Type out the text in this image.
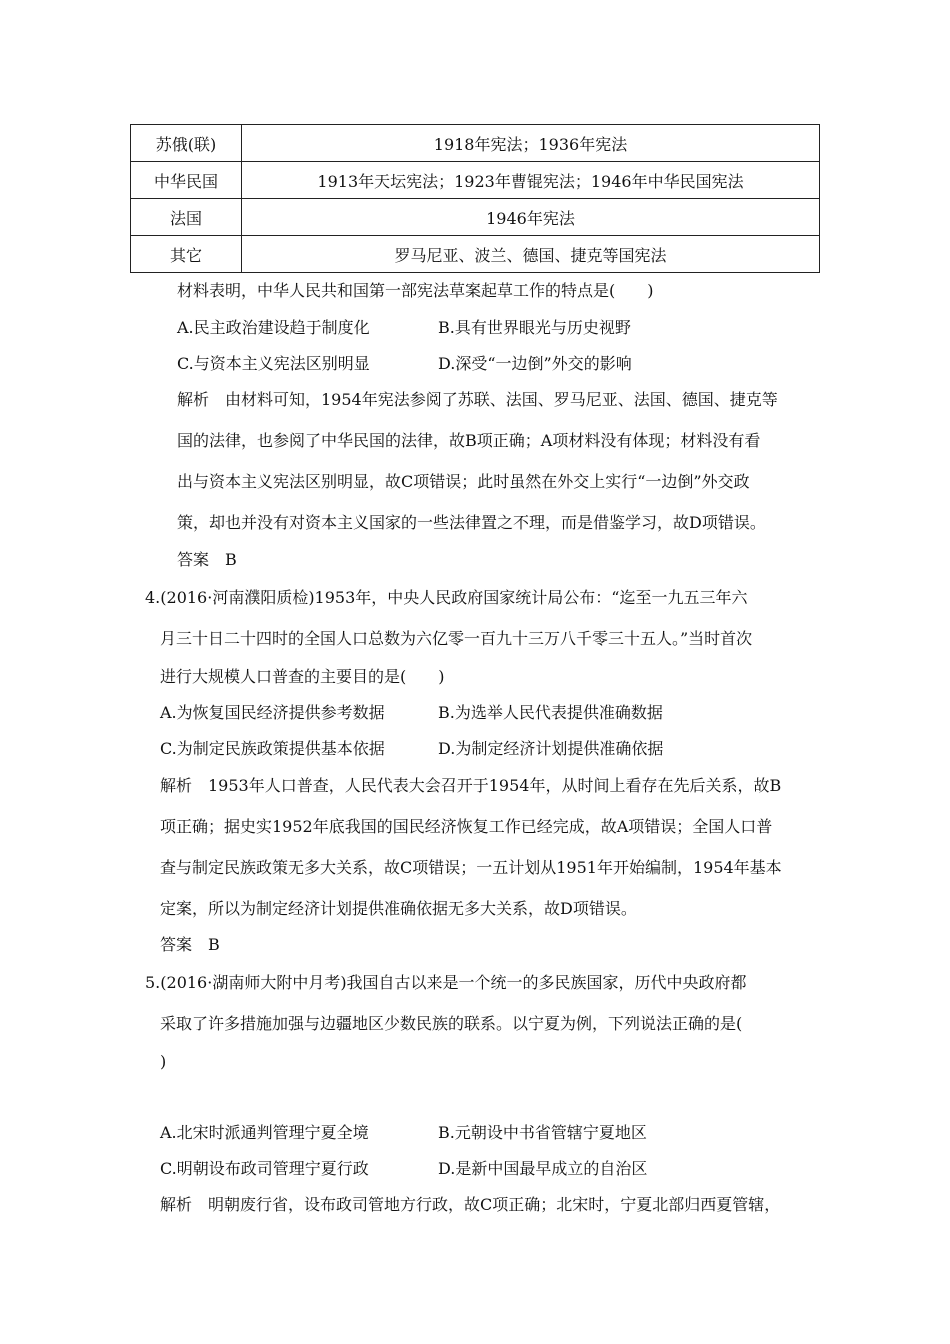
苏俄(联)	1918年宪法；1936年宪法
中华民国	1913年天坛宪法；1923年曹锟宪法；1946年中华民国宪法
法国	1946年宪法
其它	罗马尼亚、波兰、德国、捷克等国宪法
材料表明，中华人民共和国第一部宪法草案起草工作的特点是(　　)
A.民主政治建设趋于制度化	B.具有世界眼光与历史视野
C.与资本主义宪法区别明显	D.深受“一边倒”外交的影响
解析　由材料可知，1954年宪法参阅了苏联、法国、罗马尼亚、法国、德国、捷克等
国的法律，也参阅了中华民国的法律，故B项正确；A项材料没有体现；材料没有看
出与资本主义宪法区别明显，故C项错误；此时虽然在外交上实行“一边倒”外交政
策，却也并没有对资本主义国家的一些法律置之不理，而是借鉴学习，故D项错误。
答案　B
4.(2016·河南濮阳质检)1953年，中央人民政府国家统计局公布：“迄至一九五三年六
月三十日二十四时的全国人口总数为六亿零一百九十三万八千零三十五人。”当时首次
进行大规模人口普查的主要目的是(　　)
A.为恢复国民经济提供参考数据	B.为选举人民代表提供准确数据
C.为制定民族政策提供基本依据	D.为制定经济计划提供准确依据
解析　1953年人口普查，人民代表大会召开于1954年，从时间上看存在先后关系，故B
项正确；据史实1952年底我国的国民经济恢复工作已经完成，故A项错误；全国人口普
查与制定民族政策无多大关系，故C项错误；一五计划从1951年开始编制，1954年基本
定案，所以为制定经济计划提供准确依据无多大关系，故D项错误。
答案　B
5.(2016·湖南师大附中月考)我国自古以来是一个统一的多民族国家，历代中央政府都
采取了许多措施加强与边疆地区少数民族的联系。以宁夏为例，下列说法正确的是(
)
A.北宋时派通判管理宁夏全境	B.元朝设中书省管辖宁夏地区
C.明朝设布政司管理宁夏行政	D.是新中国最早成立的自治区
解析　明朝废行省，设布政司管地方行政，故C项正确；北宋时，宁夏北部归西夏管辖，
